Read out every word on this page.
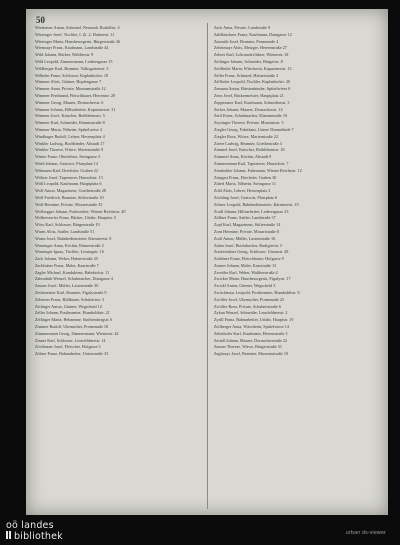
50
Wiesbauer Anton, Schmied, Neustadt, Rudolfstr. 4
Wiesinger Josef, Tischler, I. Zi. 2, Hafnerstr. 11
Wiesinger Maria, Hausbesorgerin, Bürgerstraße 26
Wiesmayr Franz, Kaufmann, Landstraße 44
Wild Johann, Bäcker, Waltherstr. 9
Wild Leopold, Zimmermann, Lederergasse 15
Wildberger Karl, Beamter, Volksgartenstr. 3
Wilhelm Franz, Schlosser, Kaplanhofstr. 18
Wimmer Alois, Gärtner, Hopfengasse 7
Wimmer Anna, Private, Museumstraße 12
Wimmer Ferdinand, Fleischhauer, Herrenstr. 20
Wimmer Georg, Maurer, Dornacherstr. 6
Wimmer Johann, Hilfsarbeiter, Kapuzinerstr. 31
Wimmer Josef, Kutscher, Bethlehemstr. 5
Wimmer Karl, Schneider, Klammstraße 8
Wimmer Maria, Näherin, Spittelwiese 2
Windhager Rudolf, Lehrer, Hessenplatz 4
Winkler Ludwig, Buchbinder, Altstadt 17
Winkler Therese, Witwe, Marienstraße 9
Winter Franz, Oberlehrer, Steingasse 3
Wirth Johann, Gastwirt, Pfarrplatz 14
Wittmann Karl, Drechsler, Graben 22
Wöhrer Josef, Tapezierer, Harrachstr. 13
Wöß Leopold, Kaufmann, Hauptplatz 6
Wolf Anton, Magazineur, Goethestraße 28
Wolf Friedrich, Beamter, Stifterstraße 10
Wolf Hermine, Private, Mozartstraße 35
Wolfsegger Johann, Fuhrwerker, Wiener Reichsstr. 40
Wolkerstorfer Franz, Bäcker, Urfahr, Hauptstr. 5
Wöss Karl, Schlosser, Bürgerstraße 19
Wurm Alois, Sattler, Landstraße 51
Wurm Josef, Bahnbediensteter, Kärntnerstr. 8
Wurzinger Anna, Köchin, Römerstraße 2
Wurzinger Ignaz, Tischler, Lessingstr. 16
Zach Johann, Weber, Hafnerstraße 25
Zachhuber Franz, Maler, Kaarstraße 7
Zagler Michael, Kondukteur, Bahnhofstr. 11
Zahradnik Wenzel, Schuhmacher, Domgasse 4
Zauner Josef, Müller, Lastenstraße 30
Zechmeister Karl, Beamter, Figulystraße 9
Zehetner Franz, Bildhauer, Schubertstr. 3
Zeilinger Anton, Gärtner, Wegscheid 12
Zeller Johann, Postbeamter, Humboldtstr. 21
Zellinger Maria, Hebamme, Starhembergstr. 6
Zimmer Rudolf, Uhrmacher, Promenade 18
Zimmermann Georg, Zimmermann, Wienerstr. 42
Zinner Karl, Schlosser, Leonfeldnerstr. 14
Zöchbauer Josef, Fleischer, Hofgasse 5
Zöhrer Franz, Bahnarbeiter, Unionstraße 33
Zach Anna, Private, Landstraße 9
Zahlbruckner Franz, Kaufmann, Domgasse 12
Zaunrith Josef, Beamter, Promenade 4
Zehetmayr Alois, Metzger, Herrenstraße 27
Zehrer Karl, Lokomotivführer, Wienerstr. 61
Zeilinger Johann, Schneider, Bürgerstr. 8
Zeitlhofer Maria, Wäscherin, Kapuzinerstr. 15
Zeller Franz, Schmied, Hafnerstraße 2
Zellhofer Leopold, Tischler, Kaplanhofstr. 20
Zemann Anton, Bürstenbinder, Spittelwiese 6
Zenz Josef, Bäckermeister, Hauptplatz 21
Zeppezauer Karl, Kaufmann, Schmidtorstr. 3
Zerbes Johann, Maurer, Dornacherstr. 14
Zettl Franz, Schuhmacher, Klammstraße 10
Zeyringer Therese, Private, Museumstr. 5
Ziegler Georg, Fabrikant, Untere Donaulände 7
Ziegler Rosa, Witwe, Marienstraße 22
Zierer Ludwig, Beamter, Goethestraße 4
Zimmel Josef, Kutscher, Bethlehemstr. 18
Zimmerl Anna, Köchin, Altstadt 9
Zimmermann Karl, Tapezierer, Harrachstr. 7
Zinnhobler Johann, Fuhrmann, Wiener Reichsstr. 12
Zirngast Franz, Drechsler, Graben 30
Zitterl Maria, Näherin, Steingasse 11
Zobl Alois, Lehrer, Hessenplatz 2
Zöchling Josef, Gastwirt, Pfarrplatz 6
Zöhrer Leopold, Bahnbediensteter, Kärntnerstr. 19
Zoidl Johann, Hilfsarbeiter, Lederergasse 23
Zöllner Franz, Sattler, Landstraße 37
Zopf Karl, Magazineur, Stifterstraße 14
Zorn Hermine, Private, Mozartstraße 8
Zottl Anton, Müller, Lastenstraße 16
Zuber Josef, Buchdrucker, Rudigierstr. 5
Zuckerstätter Georg, Schlosser, Unionstr. 28
Zulehner Franz, Fleischhauer, Hofgasse 9
Zunzer Johann, Maler, Kaarstraße 13
Zwettler Karl, Weber, Waltherstraße 4
Zwicker Maria, Hausbesorgerin, Figulystr. 17
Zwickl Anton, Gärtner, Wegscheid 3
Zwirchmayr Leopold, Postbeamter, Humboldtstr. 8
Zwölfer Josef, Uhrmacher, Promenade 25
Zwölfer Rosa, Private, Schubertstraße 6
Zykan Wenzel, Schneider, Leonfeldnerstr. 2
Zyrill Franz, Bahnarbeiter, Urfahr, Hauptstr. 19
Zeilberger Anna, Wäscherin, Spittelwiese 14
Zehethofer Karl, Kaufmann, Herrenstraße 3
Zeindl Johann, Maurer, Dornacherstraße 22
Zauner Therese, Witwe, Bürgerstraße 31
Zaglmayr Josef, Beamter, Museumstraße 10
oö landes
bibliothek	urban ds-viewer
